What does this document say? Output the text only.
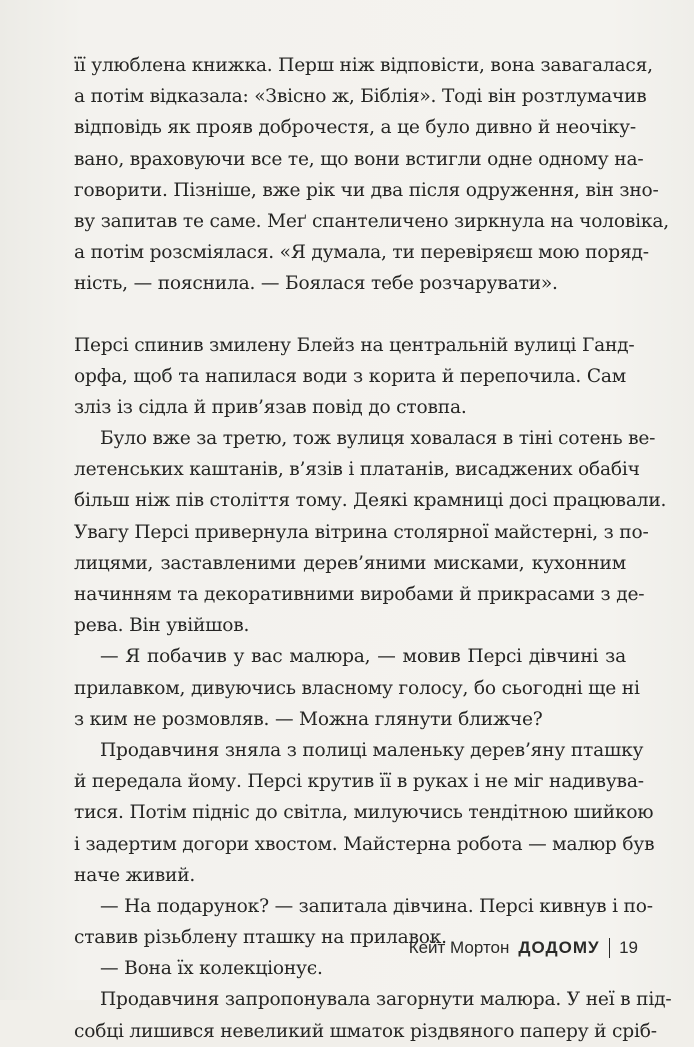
її улюблена книжка. Перш ніж відповісти, вона завагалася,
а потім відказала: «Звісно ж, Біблія». Тоді він розтлумачив
відповідь як прояв доброчестя, а це було дивно й неочіку-
вано, враховуючи все те, що вони встигли одне одному на-
говорити. Пізніше, вже рік чи два після одруження, він зно-
ву запитав те саме. Меґ спантеличено зиркнула на чоловіка,
а потім розсміялася. «Я думала, ти перевіряєш мою поряд-
ність, — пояснила. — Боялася тебе розчарувати».
Персі спинив змилену Блейз на центральній вулиці Ганд-
орфа, щоб та напилася води з корита й перепочила. Сам
зліз із сідла й прив’язав повід до стовпа.
Було вже за третю, тож вулиця ховалася в тіні сотень ве-
летенських каштанів, в’язів і платанів, висаджених обабіч
більш ніж пів століття тому. Деякі крамниці досі працювали.
Увагу Персі привернула вітрина столярної майстерні, з по-
лицями, заставленими дерев’яними мисками, кухонним
начинням та декоративними виробами й прикрасами з де-
рева. Він увійшов.
— Я побачив у вас малюра, — мовив Персі дівчині за
прилавком, дивуючись власному голосу, бо сьогодні ще ні
з ким не розмовляв. — Можна глянути ближче?
Продавчиня зняла з полиці маленьку дерев’яну пташку
й передала йому. Персі крутив її в руках і не міг надивува-
тися. Потім підніс до світла, милуючись тендітною шийкою
і задертим догори хвостом. Майстерна робота — малюр був
наче живий.
— На подарунок? — запитала дівчина. Персі кивнув і по-
ставив різьблену пташку на прилавок.
— Вона їх колекціонує.
Продавчиня запропонувала загорнути малюра. У неї в під-
собці лишився невеликий шматок різдвяного паперу й сріб-
Кейт Мортон ДОДОМУ 19
